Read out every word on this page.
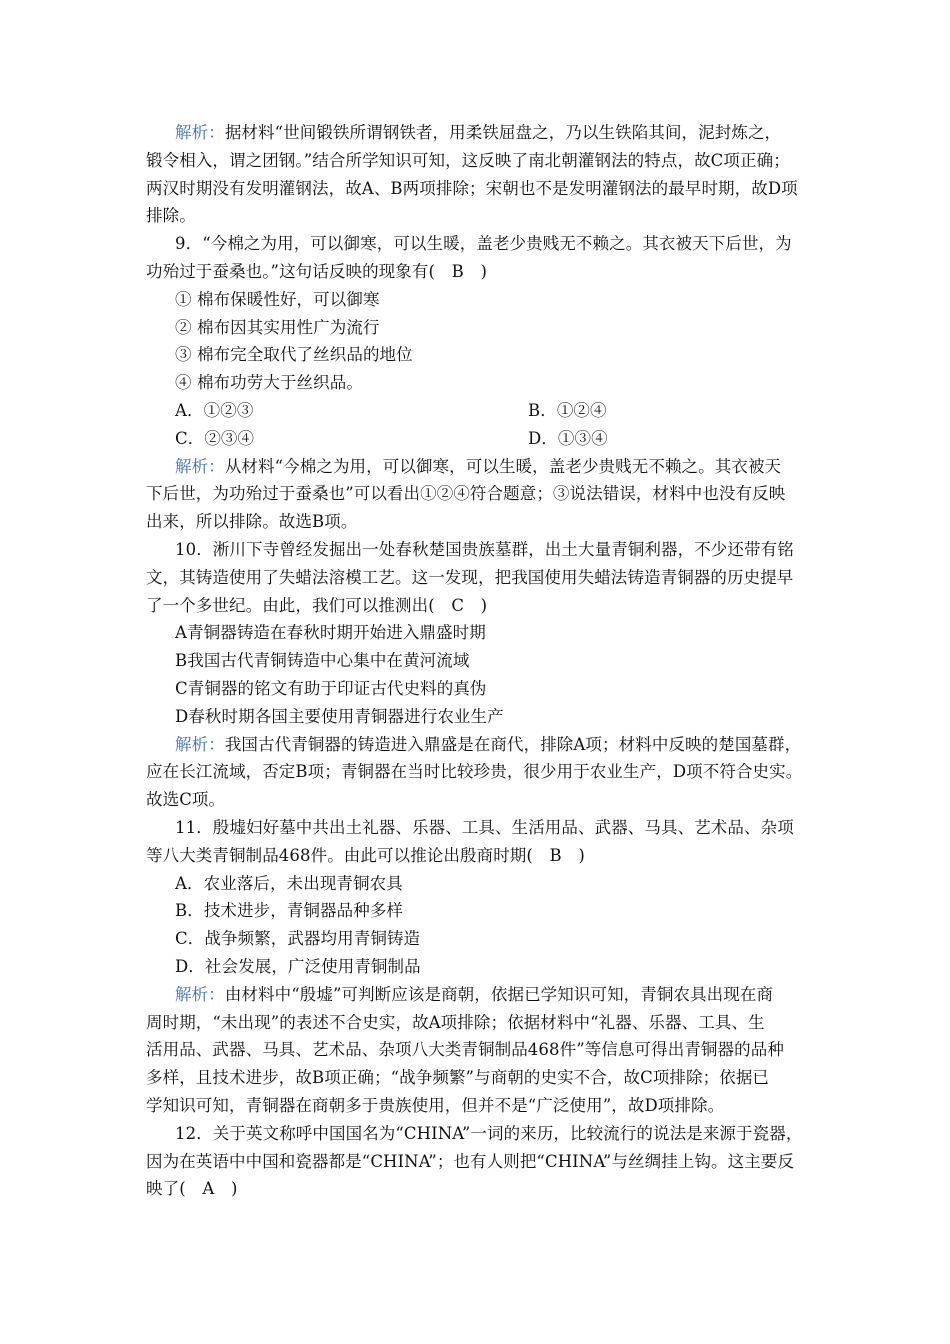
解析：据材料“世间锻铁所谓钢铁者，用柔铁屈盘之，乃以生铁陷其间，泥封炼之，
锻令相入，谓之团钢。”结合所学知识可知，这反映了南北朝灌钢法的特点，故C项正确；
两汉时期没有发明灌钢法，故A、B两项排除；宋朝也不是发明灌钢法的最早时期，故D项
排除。
9．“今棉之为用，可以御寒，可以生暖，盖老少贵贱无不赖之。其衣被天下后世，为
功殆过于蚕桑也。”这句话反映的现象有(　B　)
① 棉布保暖性好，可以御寒
② 棉布因其实用性广为流行
③ 棉布完全取代了丝织品的地位
④ 棉布功劳大于丝织品。
A．①②③	B．①②④
C．②③④	D．①③④
解析：从材料“今棉之为用，可以御寒，可以生暖，盖老少贵贱无不赖之。其衣被天
下后世，为功殆过于蚕桑也”可以看出①②④符合题意；③说法错误，材料中也没有反映
出来，所以排除。故选B项。
10．淅川下寺曾经发掘出一处春秋楚国贵族墓群，出土大量青铜利器，不少还带有铭
文，其铸造使用了失蜡法溶模工艺。这一发现，把我国使用失蜡法铸造青铜器的历史提早
了一个多世纪。由此，我们可以推测出(　C　)
A青铜器铸造在春秋时期开始进入鼎盛时期
B我国古代青铜铸造中心集中在黄河流域
C青铜器的铭文有助于印证古代史料的真伪
D春秋时期各国主要使用青铜器进行农业生产
解析：我国古代青铜器的铸造进入鼎盛是在商代，排除A项；材料中反映的楚国墓群，
应在长江流域，否定B项；青铜器在当时比较珍贵，很少用于农业生产，D项不符合史实。
故选C项。
11．殷墟妇好墓中共出土礼器、乐器、工具、生活用品、武器、马具、艺术品、杂项
等八大类青铜制品468件。由此可以推论出殷商时期(　B　)
A．农业落后，未出现青铜农具
B．技术进步，青铜器品种多样
C．战争频繁，武器均用青铜铸造
D．社会发展，广泛使用青铜制品
解析：由材料中“殷墟”可判断应该是商朝，依据已学知识可知，青铜农具出现在商
周时期，“未出现”的表述不合史实，故A项排除；依据材料中“礼器、乐器、工具、生
活用品、武器、马具、艺术品、杂项八大类青铜制品468件”等信息可得出青铜器的品种
多样，且技术进步，故B项正确；“战争频繁”与商朝的史实不合，故C项排除；依据已
学知识可知，青铜器在商朝多于贵族使用，但并不是“广泛使用”，故D项排除。
12．关于英文称呼中国国名为“CHINA”一词的来历，比较流行的说法是来源于瓷器，
因为在英语中中国和瓷器都是“CHINA”；也有人则把“CHINA”与丝绸挂上钩。这主要反
映了(　A　)
